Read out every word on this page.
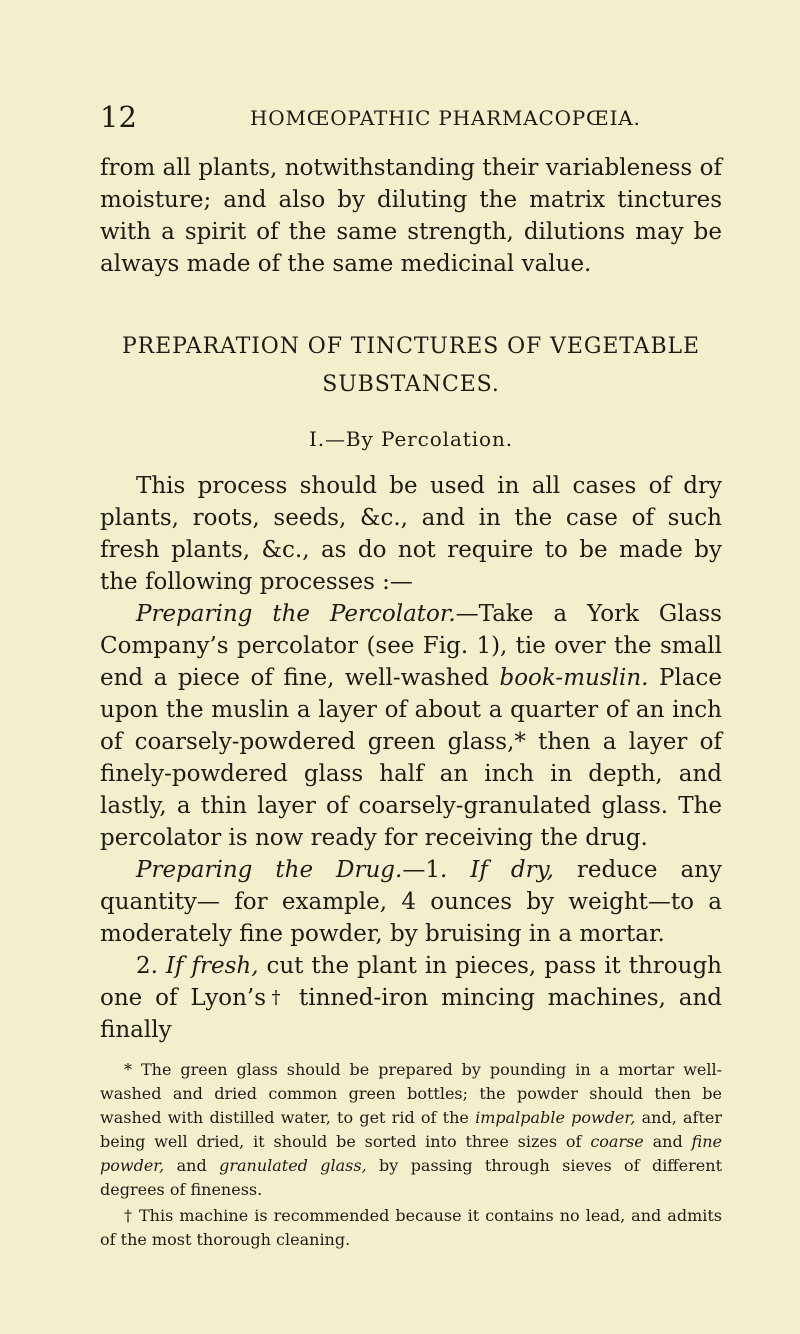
12	HOMŒOPATHIC PHARMACOPŒIA.

from all plants, notwithstanding their variableness of moisture; and also by diluting the matrix tinctures with a spirit of the same strength, dilutions may be always made of the same medicinal value.

PREPARATION OF TINCTURES OF VEGETABLE
SUBSTANCES.
I.—By Percolation.

This process should be used in all cases of dry plants, roots, seeds, &c., and in the case of such fresh plants, &c., as do not require to be made by the following processes :—

Preparing the Percolator.—Take a York Glass Company’s percolator (see Fig. 1), tie over the small end a piece of fine, well-washed book-muslin. Place upon the muslin a layer of about a quarter of an inch of coarsely-powdered green glass,* then a layer of finely-powdered glass half an inch in depth, and lastly, a thin layer of coarsely-granulated glass. The percolator is now ready for receiving the drug.

Preparing the Drug.—1. If dry, reduce any quantity— for example, 4 ounces by weight—to a moderately fine powder, by bruising in a mortar.

2. If fresh, cut the plant in pieces, pass it through one of Lyon’s† tinned-iron mincing machines, and finally

* The green glass should be prepared by pounding in a mortar well-washed and dried common green bottles; the powder should then be washed with distilled water, to get rid of the impalpable powder, and, after being well dried, it should be sorted into three sizes of coarse and fine powder, and granulated glass, by passing through sieves of different degrees of fineness.

† This machine is recommended because it contains no lead, and admits of the most thorough cleaning.
